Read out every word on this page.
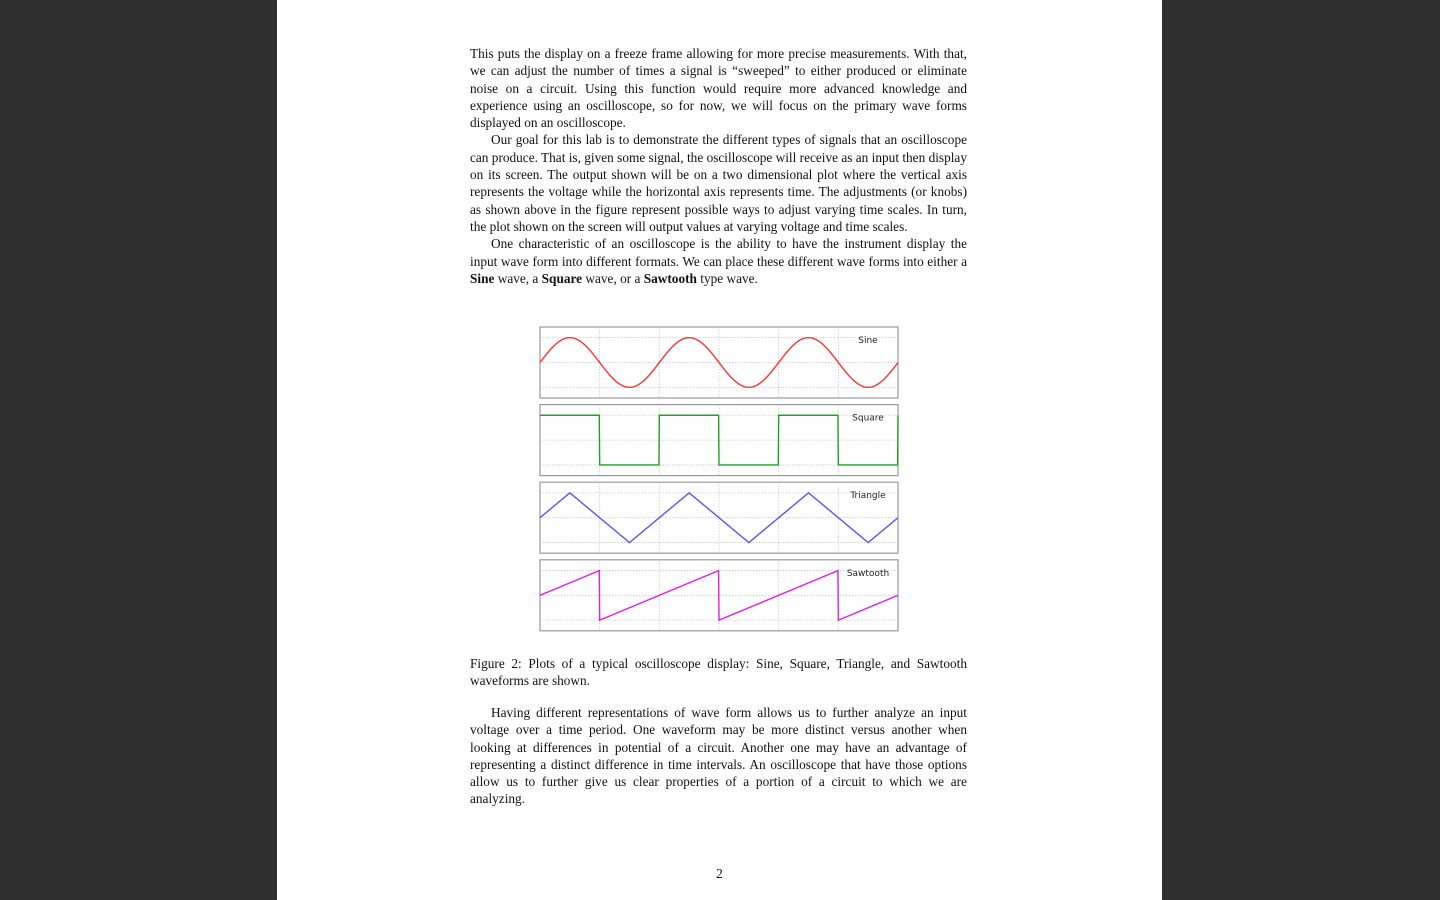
This puts the display on a freeze frame allowing for more precise measurements. With that, we can adjust the number of times a signal is “sweeped” to either produced or eliminate noise on a circuit. Using this function would require more advanced knowledge and experience using an oscilloscope, so for now, we will focus on the primary wave forms displayed on an oscilloscope.

Our goal for this lab is to demonstrate the different types of signals that an oscilloscope can produce. That is, given some signal, the oscilloscope will receive as an input then display on its screen. The output shown will be on a two dimensional plot where the vertical axis represents the voltage while the horizontal axis represents time. The adjustments (or knobs) as shown above in the figure represent possible ways to adjust varying time scales. In turn, the plot shown on the screen will output values at varying voltage and time scales.

One characteristic of an oscilloscope is the ability to have the instrument display the input wave form into different formats. We can place these different wave forms into either a Sine wave, a Square wave, or a Sawtooth type wave.

Sine
Square
Triangle
Sawtooth

Figure 2: Plots of a typical oscilloscope display: Sine, Square, Triangle, and Sawtooth waveforms are shown.

Having different representations of wave form allows us to further analyze an input voltage over a time period. One waveform may be more distinct versus another when looking at differences in potential of a circuit. Another one may have an advantage of representing a distinct difference in time intervals. An oscilloscope that have those options allow us to further give us clear properties of a portion of a circuit to which we are analyzing.

2
